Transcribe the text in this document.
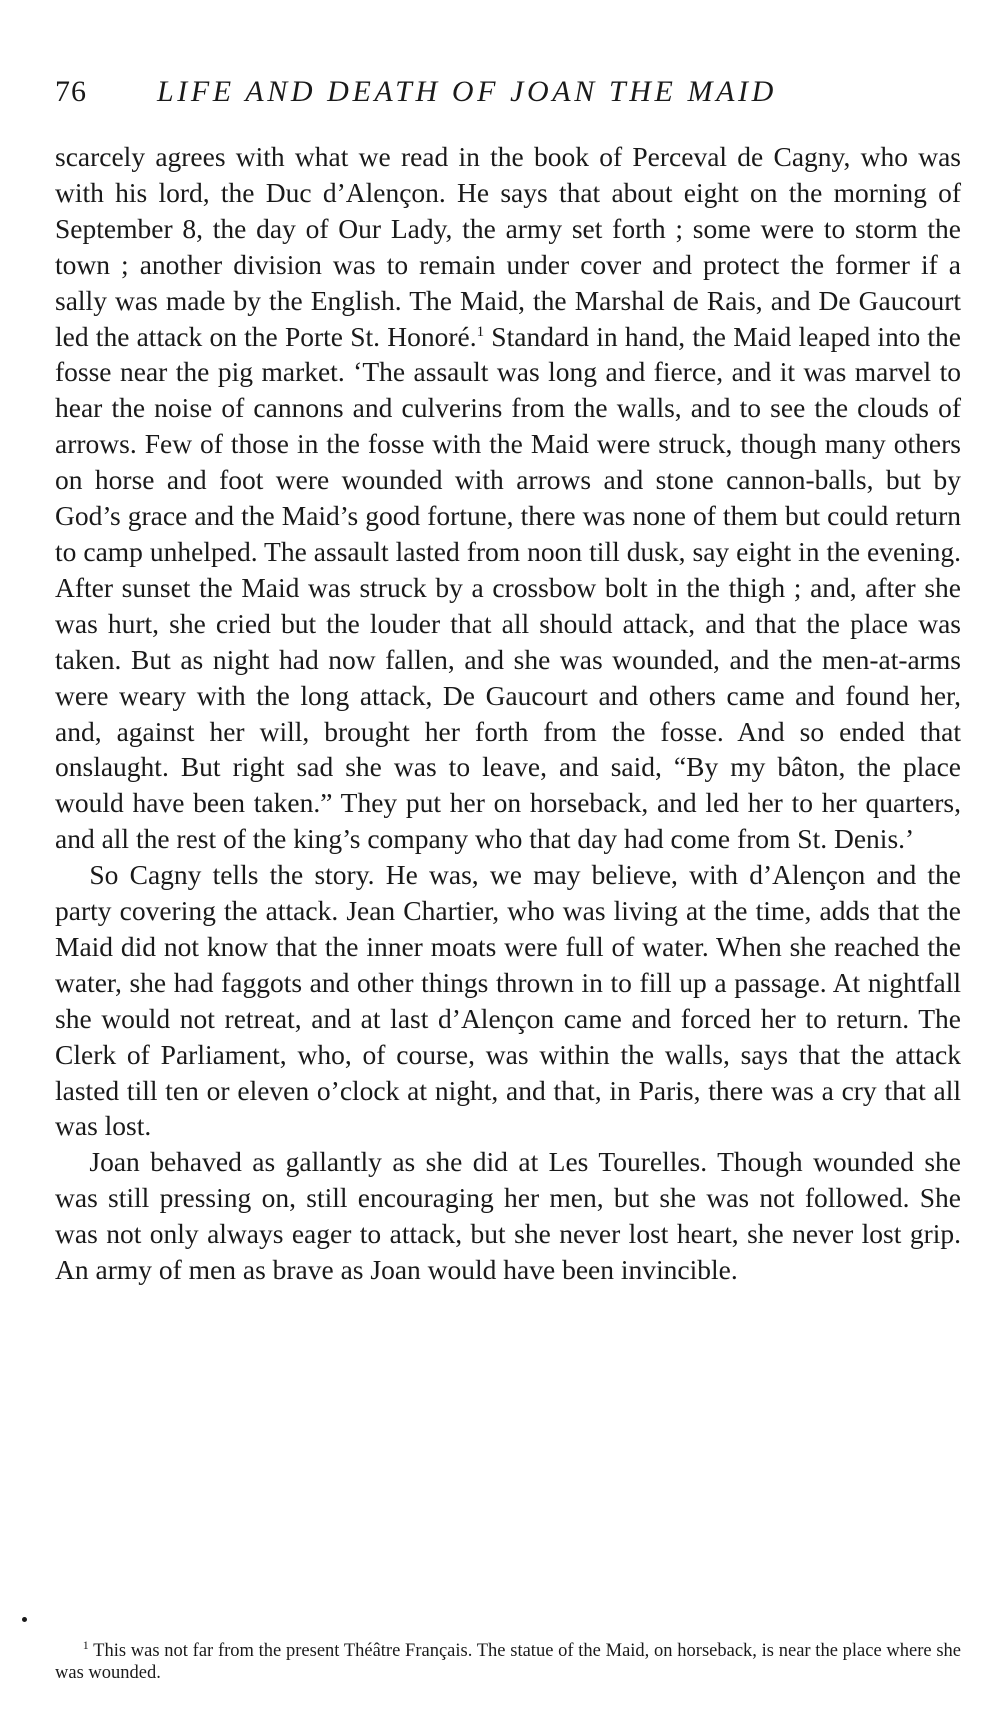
76 LIFE AND DEATH OF JOAN THE MAID

scarcely agrees with what we read in the book of Perceval de Cagny, who was with his lord, the Duc d’Alençon. He says that about eight on the morning of September 8, the day of Our Lady, the army set forth ; some were to storm the town ; another division was to remain under cover and protect the former if a sally was made by the English. The Maid, the Marshal de Rais, and De Gaucourt led the attack on the Porte St. Honoré.$^1$ Standard in hand, the Maid leaped into the fosse near the pig market. ‘The assault was long and fierce, and it was marvel to hear the noise of cannons and culverins from the walls, and to see the clouds of arrows. Few of those in the fosse with the Maid were struck, though many others on horse and foot were wounded with arrows and stone cannon-balls, but by God’s grace and the Maid’s good fortune, there was none of them but could return to camp unhelped. The assault lasted from noon till dusk, say eight in the evening. After sunset the Maid was struck by a crossbow bolt in the thigh ; and, after she was hurt, she cried but the louder that all should attack, and that the place was taken. But as night had now fallen, and she was wounded, and the men-at-arms were weary with the long attack, De Gaucourt and others came and found her, and, against her will, brought her forth from the fosse. And so ended that onslaught. But right sad she was to leave, and said, “By my bâton, the place would have been taken.” They put her on horseback, and led her to her quarters, and all the rest of the king’s company who that day had come from St. Denis.’

So Cagny tells the story. He was, we may believe, with d’Alençon and the party covering the attack. Jean Chartier, who was living at the time, adds that the Maid did not know that the inner moats were full of water. When she reached the water, she had faggots and other things thrown in to fill up a passage. At nightfall she would not retreat, and at last d’Alençon came and forced her to return. The Clerk of Parliament, who, of course, was within the walls, says that the attack lasted till ten or eleven o’clock at night, and that, in Paris, there was a cry that all was lost.

Joan behaved as gallantly as she did at Les Tourelles. Though wounded she was still pressing on, still encouraging her men, but she was not followed. She was not only always eager to attack, but she never lost heart, she never lost grip. An army of men as brave as Joan would have been invincible.

$^1$ This was not far from the present Théâtre Français. The statue of the Maid, on horseback, is near the place where she was wounded.
